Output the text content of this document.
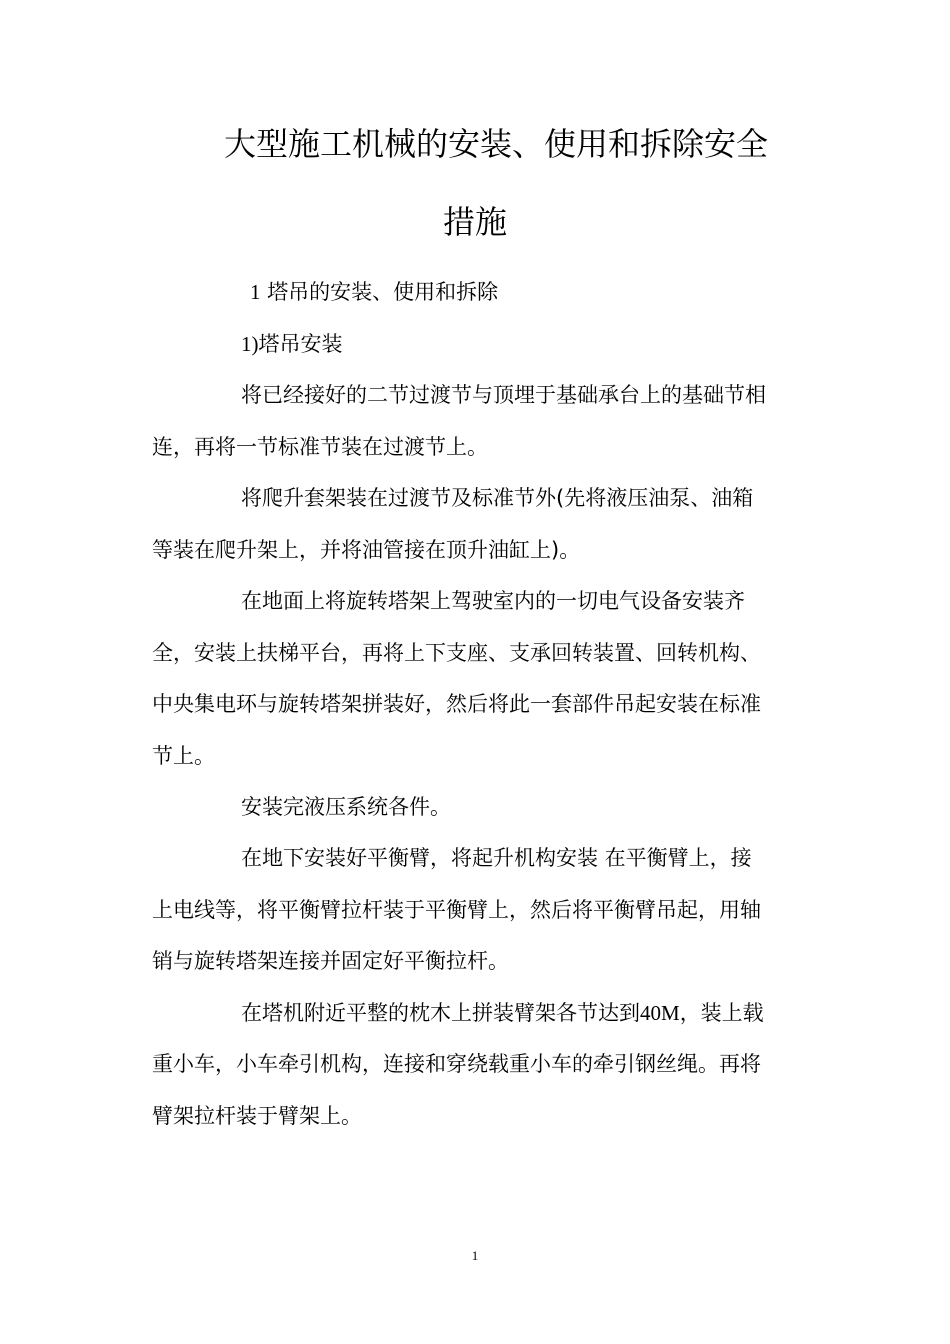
大型施工机械的安装、使用和拆除安全
措施

1 塔吊的安装、使用和拆除

1)塔吊安装

将已经接好的二节过渡节与顶埋于基础承台上的基础节相

连，再将一节标准节装在过渡节上。

将爬升套架装在过渡节及标准节外(先将液压油泵、油箱

等装在爬升架上，并将油管接在顶升油缸上)。

在地面上将旋转塔架上驾驶室内的一切电气设备安装齐

全，安装上扶梯平台，再将上下支座、支承回转装置、回转机构、

中央集电环与旋转塔架拼装好，然后将此一套部件吊起安装在标准

节上。

安装完液压系统各件。

在地下安装好平衡臂，将起升机构安装 在平衡臂上，接

上电线等，将平衡臂拉杆装于平衡臂上，然后将平衡臂吊起，用轴

销与旋转塔架连接并固定好平衡拉杆。

在塔机附近平整的枕木上拼装臂架各节达到40M，装上载

重小车，小车牵引机构，连接和穿绕载重小车的牵引钢丝绳。再将

臂架拉杆装于臂架上。

1
